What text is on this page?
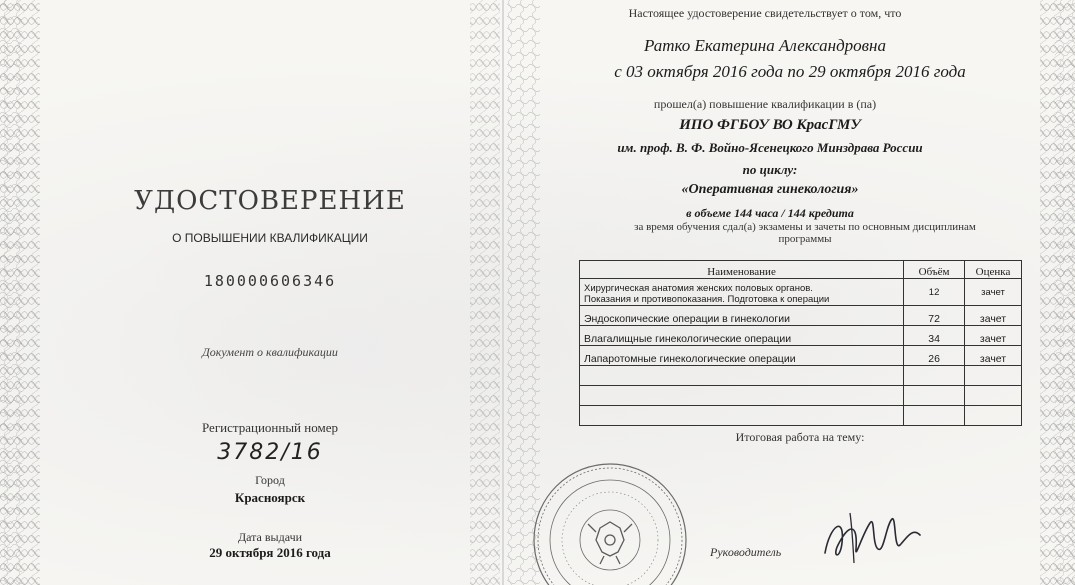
УДОСТОВЕРЕНИЕ
О ПОВЫШЕНИИ КВАЛИФИКАЦИИ
180000606346
Документ о квалификации
Регистрационный номер
3782/16
Город
Красноярск
Дата выдачи
29 октября 2016 года
Настоящее удостоверение свидетельствует о том, что
Ратко Екатерина Александровна
с 03 октября 2016 года по 29 октября 2016 года
прошел(а) повышение квалификации в (па)
ИПО ФГБОУ ВО КрасГМУ
им. проф. В. Ф. Войно-Ясенецкого Минздрава России
по циклу:
«Оперативная гинекология»
в объеме 144 часа / 144 кредита
за время обучения сдал(а) экзамены и зачеты по основным дисциплинам
программы
Наименование	Объём	Оценка

Хирургическая анатомия женских половых органов.
Показания и противопоказания. Подготовка к операции	12	зачет
Эндоскопические операции в гинекологии	72	зачет
Влагалищные гинекологические операции	34	зачет
Лапаротомные гинекологические операции	26	зачет

Итоговая работа на тему:
Руководитель
